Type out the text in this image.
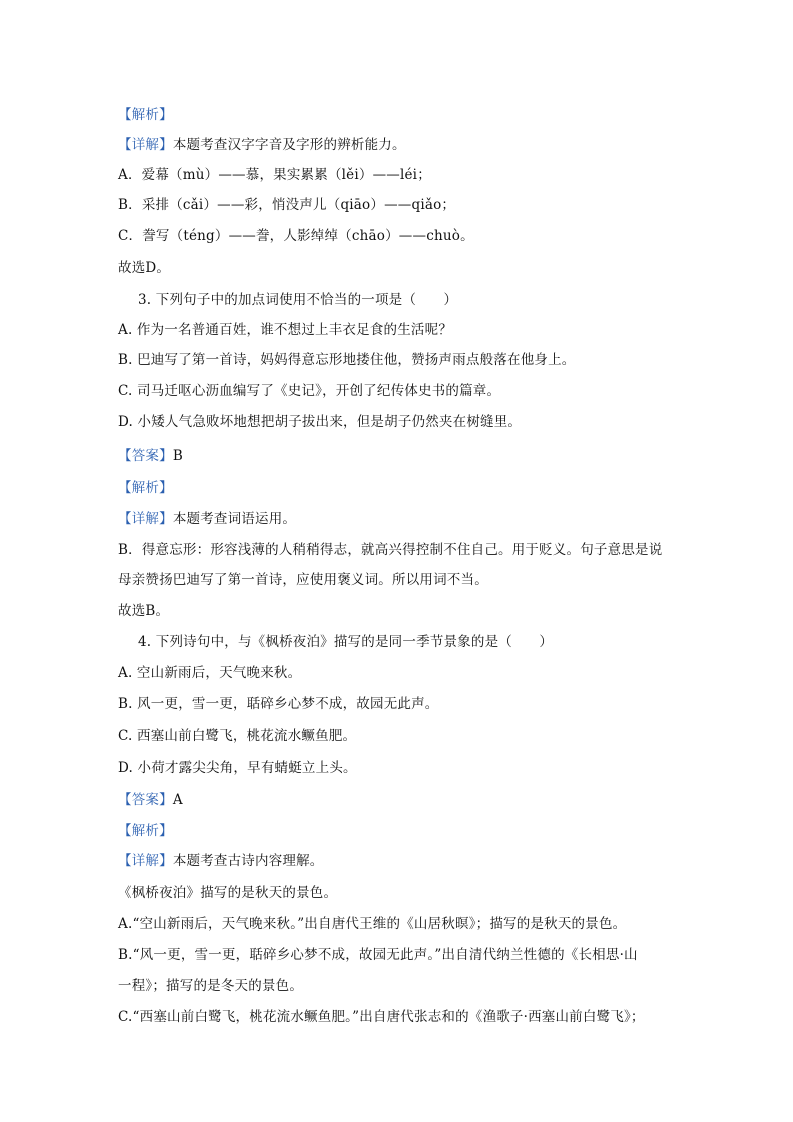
【解析】
【详解】本题考查汉字字音及字形的辨析能力。
A．爱幕（mù）——慕，果实累累（lěi）——léi；
B．采排（cǎi）——彩，悄没声儿（qiāo）——qiǎo；
C．誊写（téng）——誊，人影绰绰（chāo）——chuò。
故选D。
3. 下列句子中的加点词使用不恰当的一项是（　　）
A. 作为一名普通百姓，谁不想过上丰衣足食的生活呢？
B. 巴迪写了第一首诗，妈妈得意忘形地搂住他，赞扬声雨点般落在他身上。
C. 司马迁呕心沥血编写了《史记》，开创了纪传体史书的篇章。
D. 小矮人气急败坏地想把胡子拔出来，但是胡子仍然夹在树缝里。
【答案】B
【解析】
【详解】本题考查词语运用。
B．得意忘形：形容浅薄的人稍稍得志，就高兴得控制不住自己。用于贬义。句子意思是说
母亲赞扬巴迪写了第一首诗，应使用褒义词。所以用词不当。
故选B。
4. 下列诗句中，与《枫桥夜泊》描写的是同一季节景象的是（　　）
A. 空山新雨后，天气晚来秋。
B. 风一更，雪一更，聒碎乡心梦不成，故园无此声。
C. 西塞山前白鹭飞，桃花流水鳜鱼肥。
D. 小荷才露尖尖角，早有蜻蜓立上头。
【答案】A
【解析】
【详解】本题考查古诗内容理解。
《枫桥夜泊》描写的是秋天的景色。
A.“空山新雨后，天气晚来秋。”出自唐代王维的《山居秋暝》；描写的是秋天的景色。
B.“风一更，雪一更，聒碎乡心梦不成，故园无此声。”出自清代纳兰性德的《长相思·山
一程》；描写的是冬天的景色。
C.“西塞山前白鹭飞，桃花流水鳜鱼肥。”出自唐代张志和的《渔歌子·西塞山前白鹭飞》；
